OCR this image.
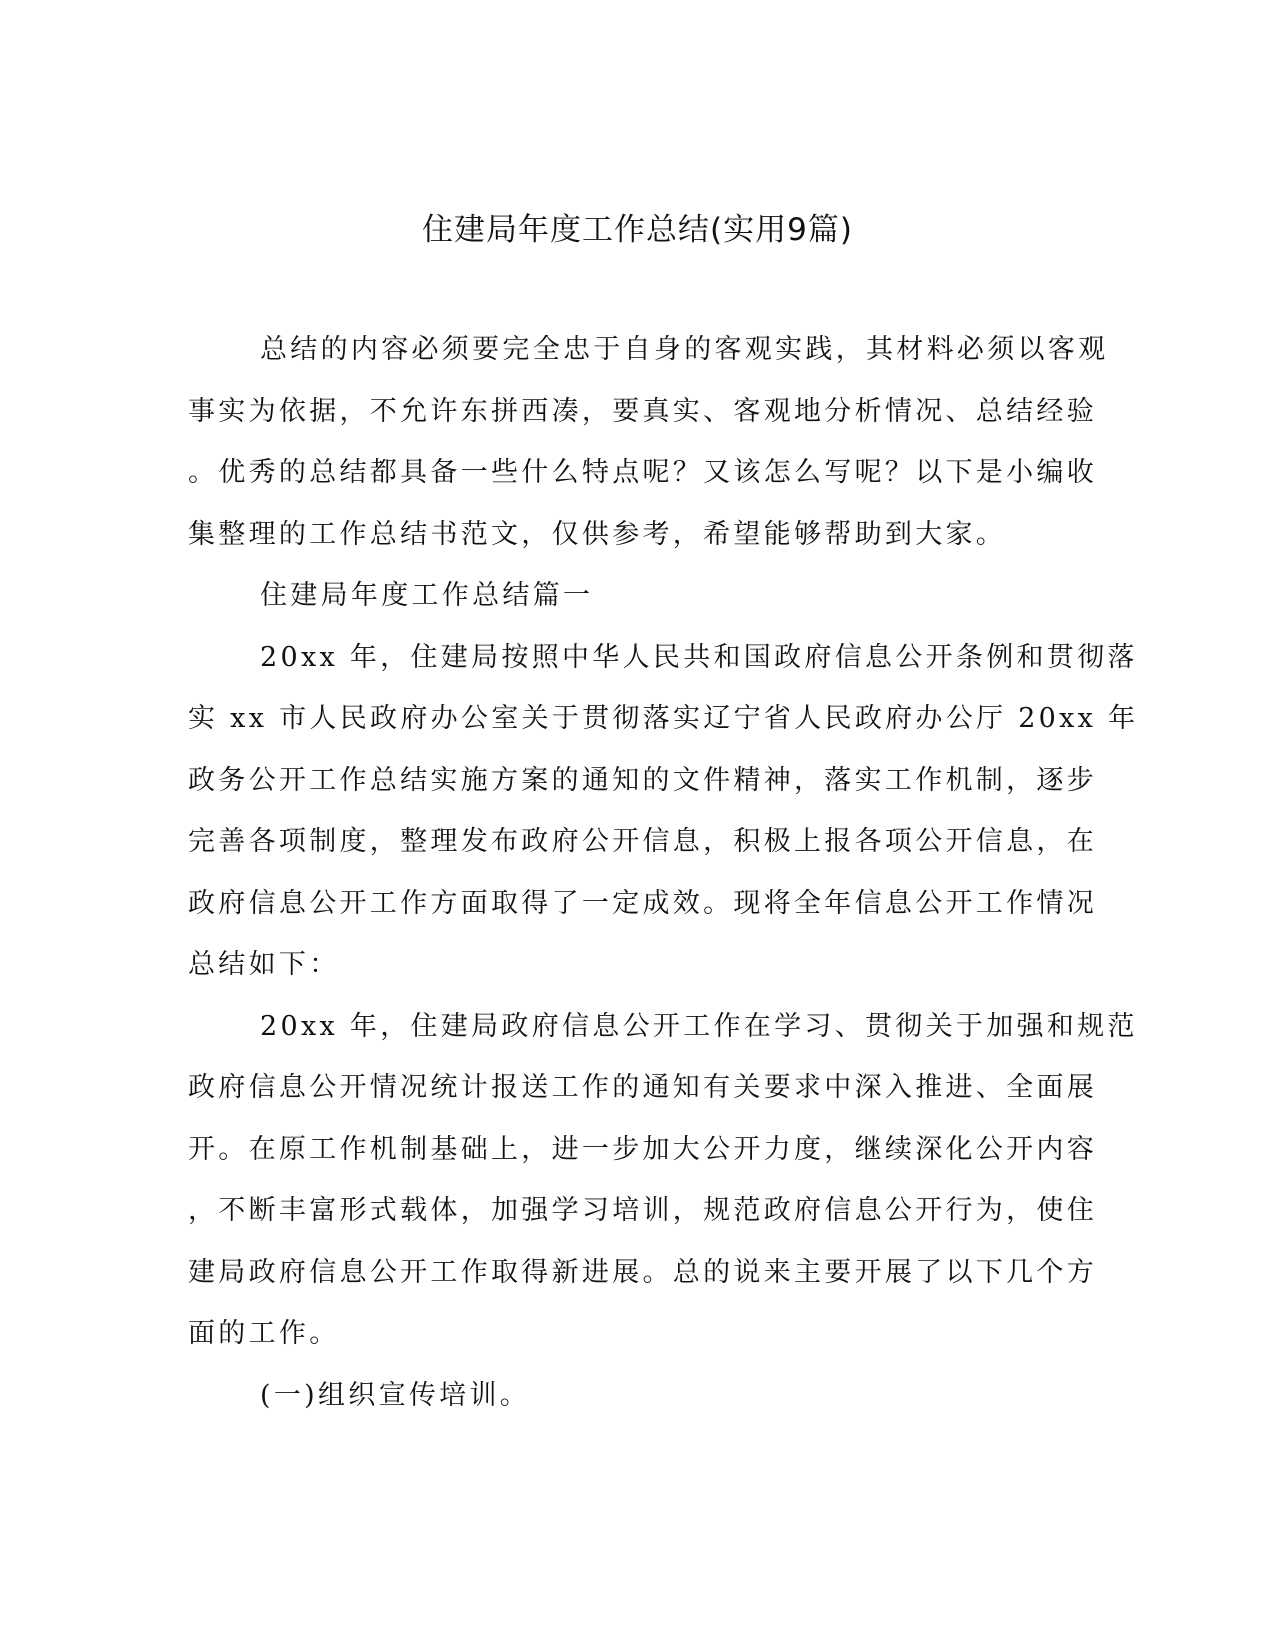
住建局年度工作总结(实用9篇)

总结的内容必须要完全忠于自身的客观实践，其材料必须以客观

事实为依据，不允许东拼西凑，要真实、客观地分析情况、总结经验

。优秀的总结都具备一些什么特点呢？又该怎么写呢？以下是小编收

集整理的工作总结书范文，仅供参考，希望能够帮助到大家。

住建局年度工作总结篇一

20xx 年，住建局按照中华人民共和国政府信息公开条例和贯彻落

实 xx 市人民政府办公室关于贯彻落实辽宁省人民政府办公厅 20xx 年

政务公开工作总结实施方案的通知的文件精神，落实工作机制，逐步

完善各项制度，整理发布政府公开信息，积极上报各项公开信息，在

政府信息公开工作方面取得了一定成效。现将全年信息公开工作情况

总结如下：

20xx 年，住建局政府信息公开工作在学习、贯彻关于加强和规范

政府信息公开情况统计报送工作的通知有关要求中深入推进、全面展

开。在原工作机制基础上，进一步加大公开力度，继续深化公开内容

，不断丰富形式载体，加强学习培训，规范政府信息公开行为，使住

建局政府信息公开工作取得新进展。总的说来主要开展了以下几个方

面的工作。

(一)组织宣传培训。
